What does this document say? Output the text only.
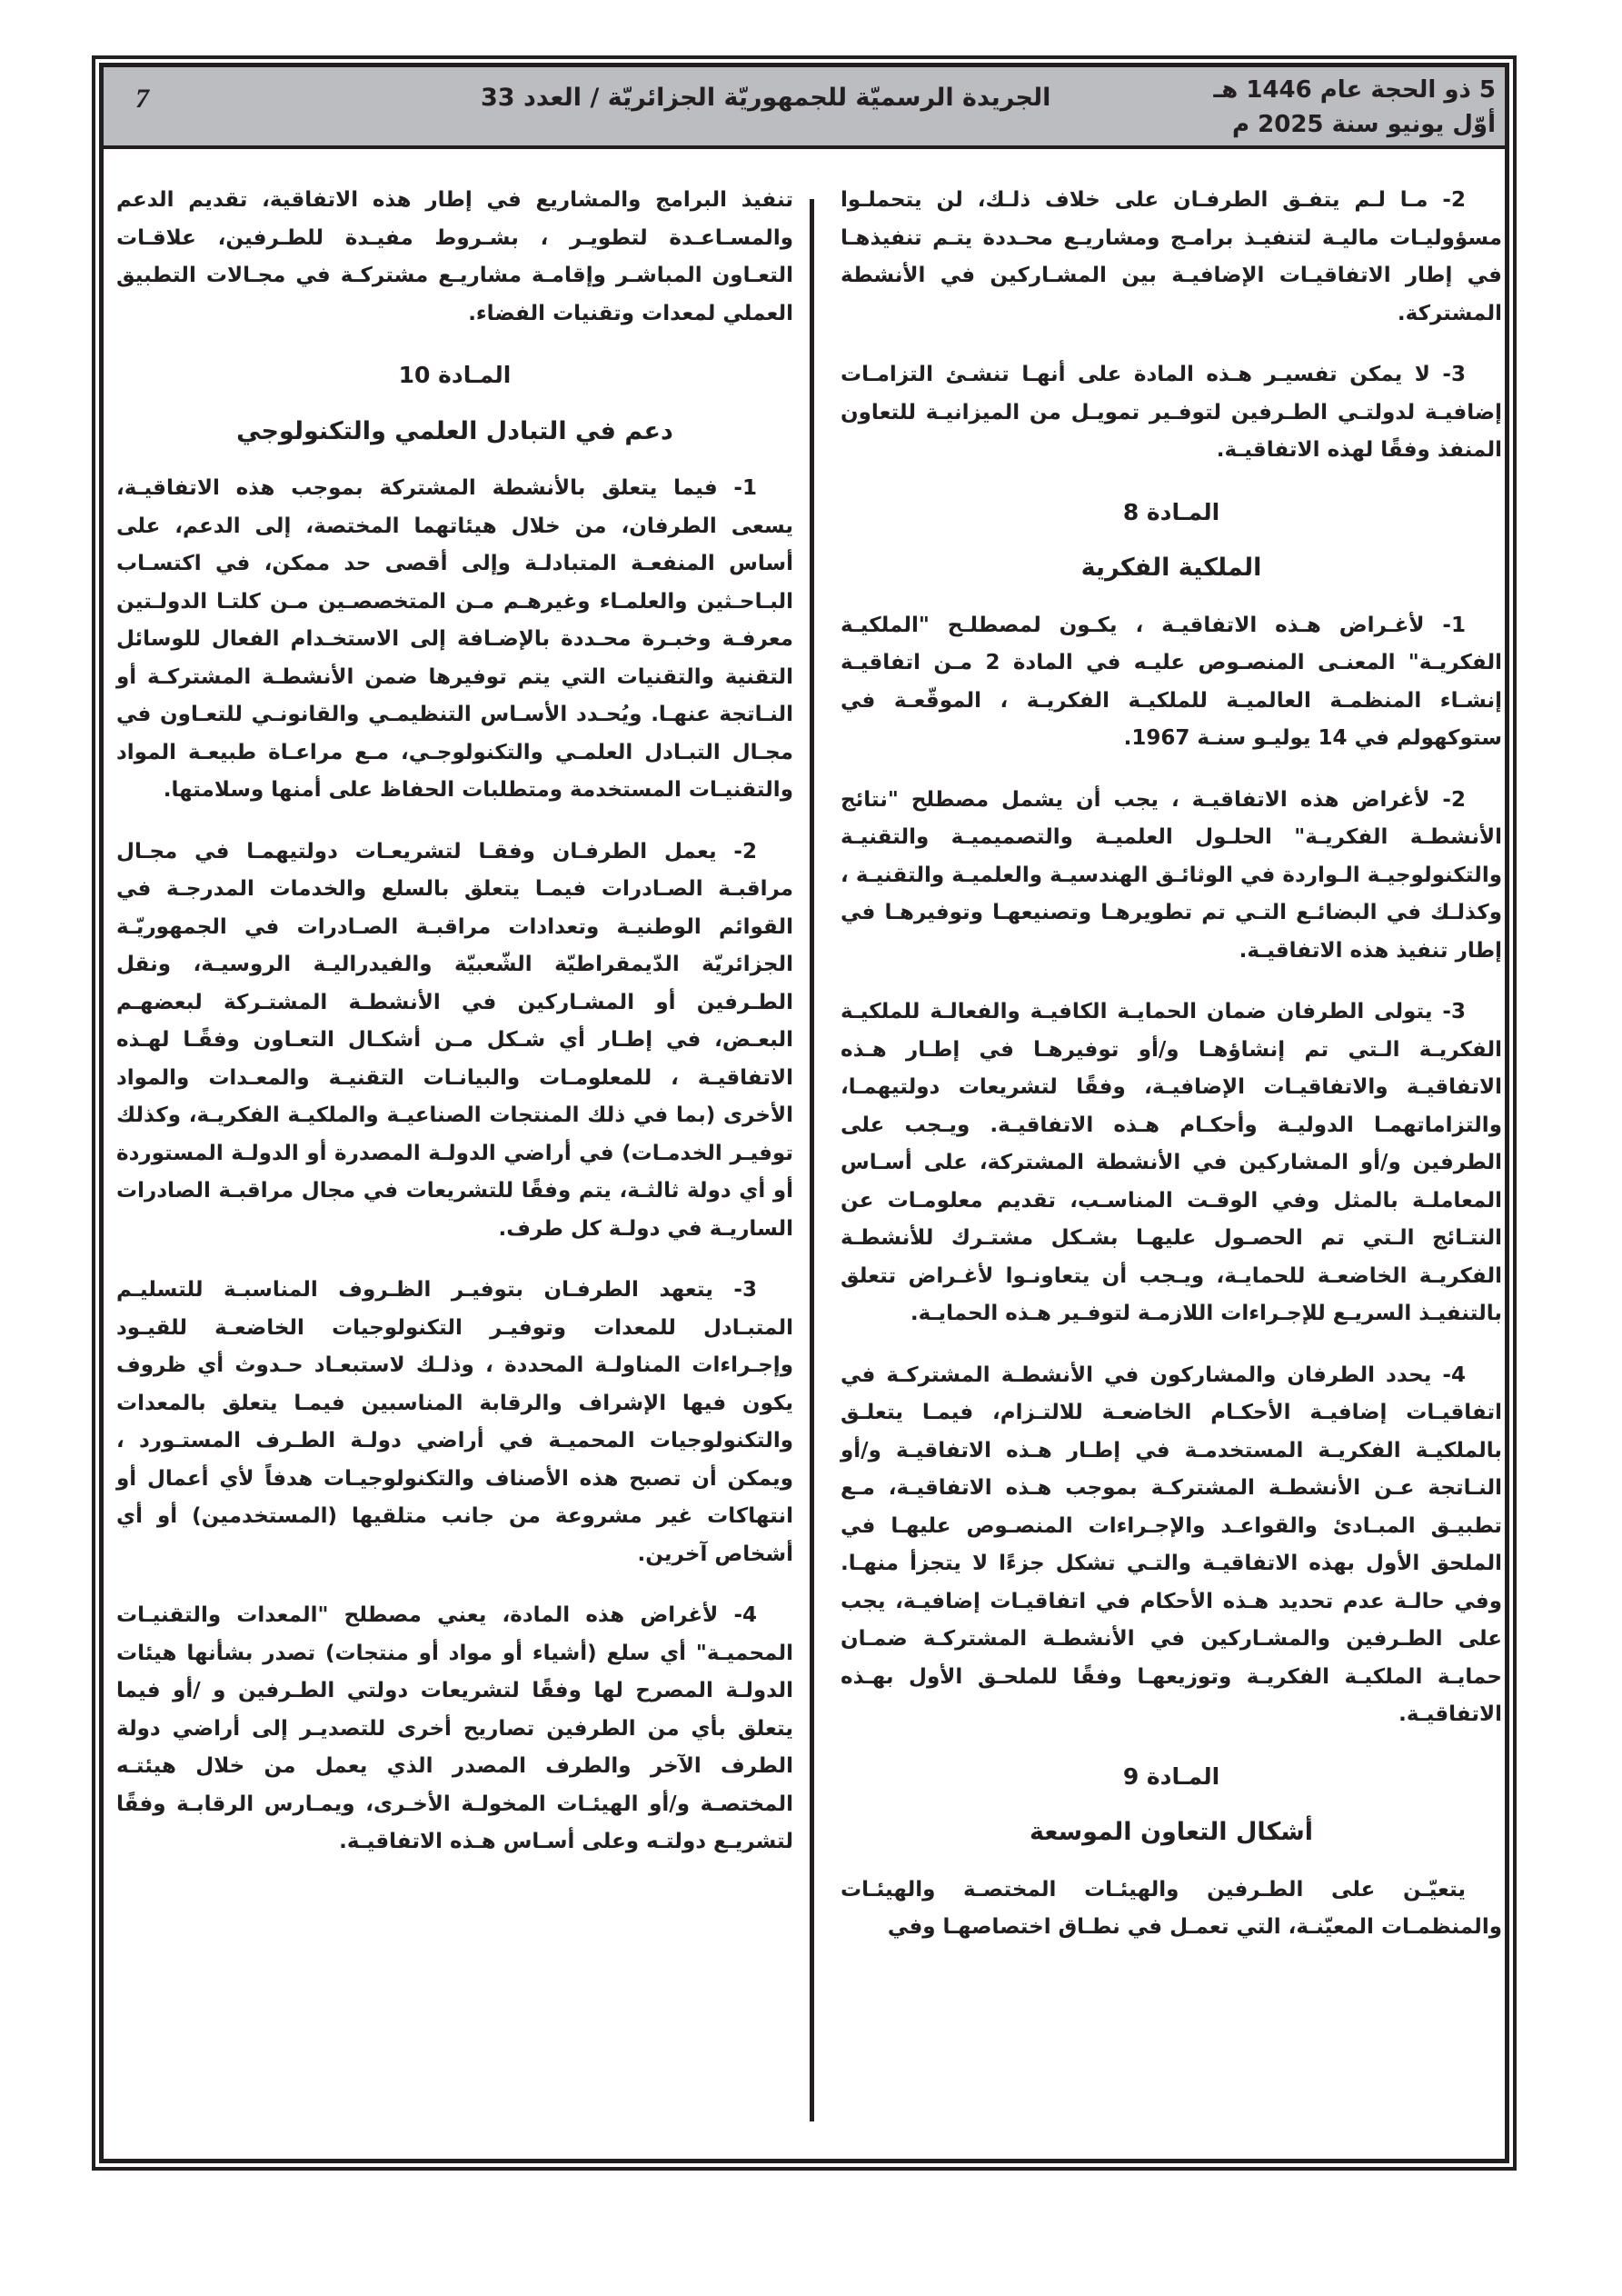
7	الجريدة الرسميّة للجمهوريّة الجزائريّة / العدد 33	5 ذو الحجة عام 1446 هـ
أوّل يونيو سنة 2025 م

2- مـا لـم يتفـق الطرفـان على خلاف ذلـك، لن يتحملـوا مسؤوليـات ماليـة لتنفيـذ برامـج ومشاريـع محـددة يتـم تنفيذهـا في إطار الاتفاقيـات الإضافيـة بين المشـاركين في الأنشطة المشتركة.

3- لا يمكن تفسيـر هـذه المادة على أنهـا تنشـئ التزامـات إضافيـة لدولتـي الطـرفين لتوفـير تمويـل من الميزانيـة للتعاون المنفذ وفقًا لهذه الاتفاقيـة.

المـادة 8

الملكية الفكرية

1- لأغـراض هـذه الاتفاقيـة ، يكـون لمصطلـح "الملكيـة الفكريـة" المعنـى المنصـوص عليـه في المادة 2 مـن اتفاقيـة إنشـاء المنظمـة العالميـة للملكيـة الفكريـة ، الموقّعـة في ستوكهولم في 14 يوليـو سنـة 1967.

2- لأغراض هذه الاتفاقيـة ، يجب أن يشمل مصطلح "نتائج الأنشطـة الفكريـة" الحلـول العلميـة والتصميميـة والتقنيـة والتكنولوجيـة الـواردة في الوثائـق الهندسيـة والعلميـة والتقنيـة ، وكذلـك في البضائـع التـي تم تطويرهـا وتصنيعهـا وتوفيرهـا في إطار تنفيذ هذه الاتفاقيـة.

3- يتولى الطرفان ضمان الحمايـة الكافيـة والفعالـة للملكيـة الفكريـة الـتي تم إنشاؤهـا و/أو توفيرهـا في إطـار هـذه الاتفاقيـة والاتفاقيـات الإضافيـة، وفقًا لتشريعات دولتيهمـا، والتزاماتهمـا الدوليـة وأحكـام هـذه الاتفاقيـة. ويـجب على الطرفين و/أو المشاركين في الأنشطة المشتركة، على أسـاس المعاملـة بالمثل وفي الوقـت المناسـب، تقديم معلومـات عن النتـائج الـتي تم الحصـول عليهـا بشـكل مشتـرك للأنشطـة الفكريـة الخاضعـة للحمايـة، ويـجب أن يتعاونـوا لأغـراض تتعلق بالتنفيـذ السريـع للإجـراءات اللازمـة لتوفـير هـذه الحمايـة.

4- يحدد الطرفان والمشاركون في الأنشطـة المشتركـة في اتفاقيـات إضافيـة الأحكـام الخاضعـة للالتـزام، فيمـا يتعلـق بالملكيـة الفكريـة المستخدمـة في إطـار هـذه الاتفاقيـة و/أو النـاتجة عـن الأنشطـة المشتركـة بموجب هـذه الاتفاقيـة، مـع تطبيـق المبـادئ والقواعـد والإجـراءات المنصـوص عليهـا في الملحق الأول بهذه الاتفاقيـة والتـي تشكل جزءًا لا يتجزأ منهـا. وفي حالـة عدم تحديد هـذه الأحكام في اتفاقيـات إضافيـة، يجب على الطـرفين والمشـاركين في الأنشطـة المشتركـة ضمـان حمايـة الملكيـة الفكريـة وتوزيعهـا وفقًا للملحـق الأول بهـذه الاتفاقيـة.

المـادة 9

أشكال التعاون الموسعة

يتعيّـن على الطـرفين والهيئـات المختصـة والهيئـات والمنظمـات المعيّنـة، التي تعمـل في نطـاق اختصاصهـا وفي

تنفيذ البرامج والمشاريع في إطار هذه الاتفاقية، تقديم الدعم والمسـاعـدة لتطويـر ، بشـروط مفيـدة للطـرفين، علاقـات التعـاون المباشـر وإقامـة مشاريـع مشتركـة في مجـالات التطبيق العملي لمعدات وتقنيات الفضاء.

المـادة 10

دعم في التبادل العلمي والتكنولوجي

1- فيما يتعلق بالأنشطة المشتركة بموجب هذه الاتفاقيـة، يسعى الطرفان، من خلال هيئاتهما المختصة، إلى الدعم، على أساس المنفعـة المتبادلـة وإلى أقصى حد ممكن، في اكتسـاب البـاحـثين والعلمـاء وغيرهـم مـن المتخصصـين مـن كلتـا الدولـتين معرفـة وخبـرة محـددة بالإضـافة إلى الاستخـدام الفعال للوسائل التقنية والتقنيات التي يتم توفيرها ضمن الأنشطـة المشتركـة أو النـاتجة عنهـا. ويُحـدد الأسـاس التنظيمـي والقانونـي للتعـاون في مجـال التبـادل العلمـي والتكنولوجـي، مـع مراعـاة طبيعـة المواد والتقنيـات المستخدمة ومتطلبات الحفاظ على أمنها وسلامتها.

2- يعمل الطرفـان وفقـا لتشريعـات دولتيهمـا في مجـال مراقبـة الصـادرات فيمـا يتعلق بالسلع والخدمات المدرجـة في القوائم الوطنيـة وتعدادات مراقبـة الصـادرات في الجمهوريّـة الجزائريّة الدّيمقراطيّة الشّعبيّة والفيدراليـة الروسيـة، ونقل الطـرفين أو المشـاركين في الأنشطـة المشتـركة لبعضهـم البعـض، في إطـار أي شـكل مـن أشكـال التعـاون وفقًـا لهـذه الاتفاقيـة ، للمعلومـات والبيانـات التقنيـة والمعـدات والمواد الأخرى (بما في ذلك المنتجات الصناعيـة والملكيـة الفكريـة، وكذلك توفيـر الخدمـات) في أراضي الدولـة المصدرة أو الدولـة المستوردة أو أي دولة ثالثـة، يتم وفقًا للتشريعات في مجال مراقبـة الصادرات الساريـة في دولـة كل طرف.

3- يتعهد الطرفـان بتوفيـر الظـروف المناسبـة للتسليـم المتبـادل للمعدات وتوفيـر التكنولوجيات الخاضعـة للقيـود وإجـراءات المناولـة المحددة ، وذلـك لاستبعـاد حـدوث أي ظروف يكون فيها الإشراف والرقابة المناسبين فيمـا يتعلق بالمعدات والتكنولوجيات المحميـة في أراضي دولـة الطـرف المستـورد ، ويمكن أن تصبح هذه الأصناف والتكنولوجيـات هدفاً لأي أعمال أو انتهاكات غير مشروعة من جانب متلقيها (المستخدمين) أو أي أشخاص آخرين.

4- لأغراض هذه المادة، يعني مصطلح "المعدات والتقنيـات المحميـة" أي سلع (أشياء أو مواد أو منتجات) تصدر بشأنها هيئات الدولـة المصرح لها وفقًا لتشريعات دولتي الطـرفين و /أو فيما يتعلق بأي من الطرفين تصاريح أخرى للتصديـر إلى أراضي دولة الطرف الآخر والطرف المصدر الذي يعمل من خلال هيئتـه المختصـة و/أو الهيئـات المخولـة الأخـرى، ويمـارس الرقابـة وفقًا لتشريـع دولتـه وعلى أسـاس هـذه الاتفاقيـة.
